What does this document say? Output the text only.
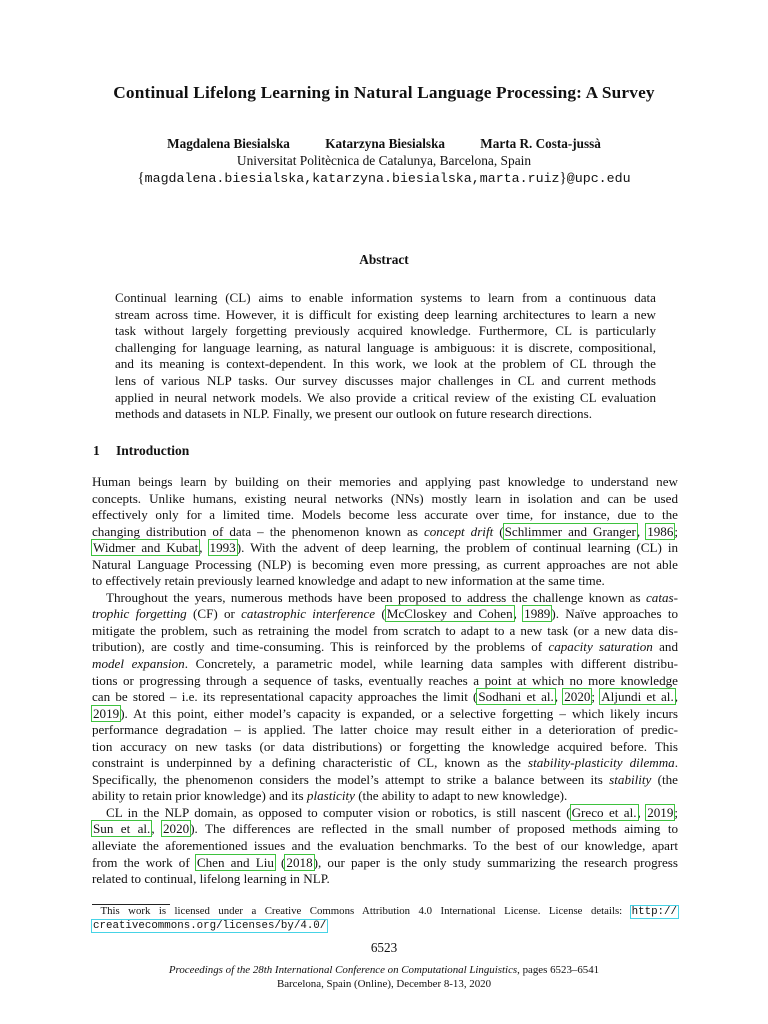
Continual Lifelong Learning in Natural Language Processing: A Survey
Magdalena Biesialska	Katarzyna Biesialska	Marta R. Costa-jussà
Universitat Politècnica de Catalunya, Barcelona, Spain
{magdalena.biesialska,katarzyna.biesialska,marta.ruiz}@upc.edu
Abstract
Continual learning (CL) aims to enable information systems to learn from a continuous data
stream across time. However, it is difficult for existing deep learning architectures to learn a new
task without largely forgetting previously acquired knowledge. Furthermore, CL is particularly
challenging for language learning, as natural language is ambiguous: it is discrete, compositional,
and its meaning is context-dependent. In this work, we look at the problem of CL through the
lens of various NLP tasks. Our survey discusses major challenges in CL and current methods
applied in neural network models. We also provide a critical review of the existing CL evaluation
methods and datasets in NLP. Finally, we present our outlook on future research directions.
1 Introduction
Human beings learn by building on their memories and applying past knowledge to understand new
concepts. Unlike humans, existing neural networks (NNs) mostly learn in isolation and can be used
effectively only for a limited time. Models become less accurate over time, for instance, due to the
changing distribution of data – the phenomenon known as concept drift (Schlimmer and Granger, 1986;
Widmer and Kubat, 1993). With the advent of deep learning, the problem of continual learning (CL) in
Natural Language Processing (NLP) is becoming even more pressing, as current approaches are not able
to effectively retain previously learned knowledge and adapt to new information at the same time.
Throughout the years, numerous methods have been proposed to address the challenge known as catas-
trophic forgetting (CF) or catastrophic interference (McCloskey and Cohen, 1989). Naïve approaches to
mitigate the problem, such as retraining the model from scratch to adapt to a new task (or a new data dis-
tribution), are costly and time-consuming. This is reinforced by the problems of capacity saturation and
model expansion. Concretely, a parametric model, while learning data samples with different distribu-
tions or progressing through a sequence of tasks, eventually reaches a point at which no more knowledge
can be stored – i.e. its representational capacity approaches the limit (Sodhani et al., 2020; Aljundi et al.,
2019). At this point, either model’s capacity is expanded, or a selective forgetting – which likely incurs
performance degradation – is applied. The latter choice may result either in a deterioration of predic-
tion accuracy on new tasks (or data distributions) or forgetting the knowledge acquired before. This
constraint is underpinned by a defining characteristic of CL, known as the stability-plasticity dilemma.
Specifically, the phenomenon considers the model’s attempt to strike a balance between its stability (the
ability to retain prior knowledge) and its plasticity (the ability to adapt to new knowledge).
CL in the NLP domain, as opposed to computer vision or robotics, is still nascent (Greco et al., 2019;
Sun et al., 2020). The differences are reflected in the small number of proposed methods aiming to
alleviate the aforementioned issues and the evaluation benchmarks. To the best of our knowledge, apart
from the work of Chen and Liu (2018), our paper is the only study summarizing the research progress
related to continual, lifelong learning in NLP.
This work is licensed under a Creative Commons Attribution 4.0 International License. License details: http://
creativecommons.org/licenses/by/4.0/
6523
Proceedings of the 28th International Conference on Computational Linguistics, pages 6523–6541
Barcelona, Spain (Online), December 8-13, 2020
